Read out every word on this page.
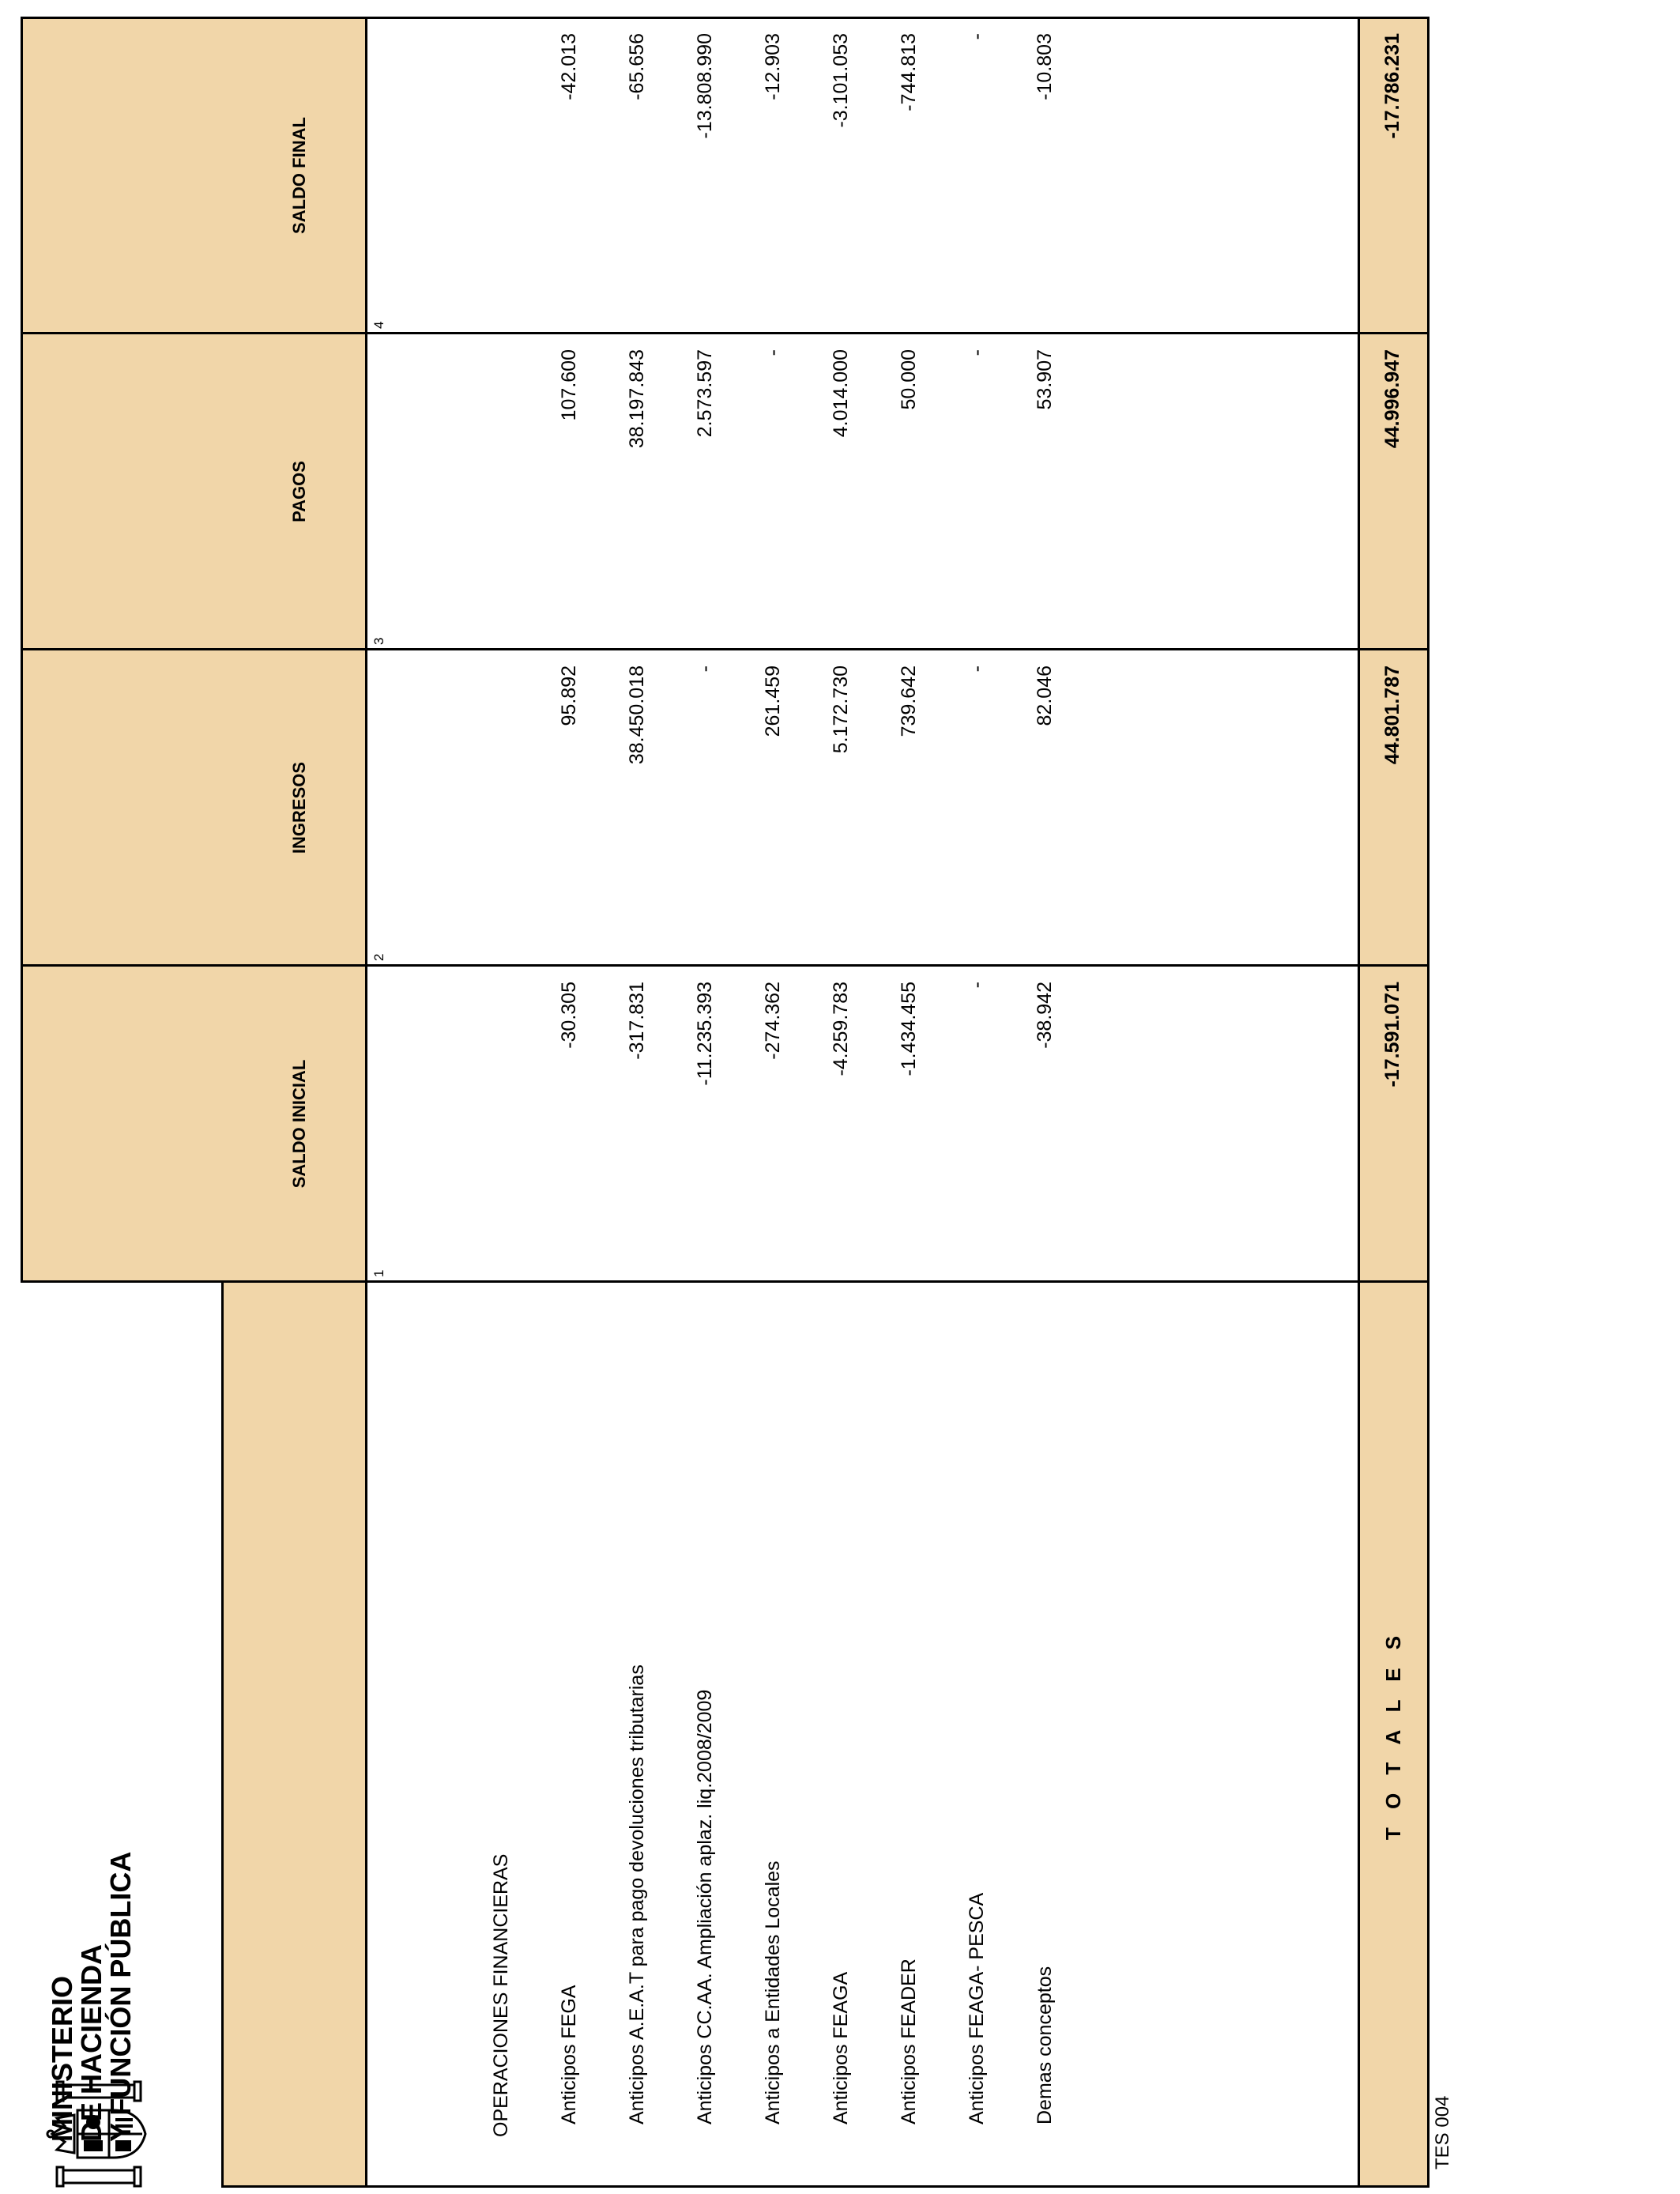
MINISTERIO
DE HACIENDA
Y FUNCIÓN PÚBLICA	TES 004
SALDO INICIAL
INGRESOS
PAGOS
SALDO FINAL
1
2
3
4
OPERACIONES FINANCIERAS Anticipos FEGA
-30.305
95.892
107.600
-42.013
Anticipos A.E.A.T para pago devoluciones tributarias
-317.831
38.450.018
38.197.843
-65.656
Anticipos CC.AA. Ampliación aplaz. liq.2008/2009
-11.235.393
-
2.573.597
-13.808.990
Anticipos a Entidades Locales
-274.362
261.459
-
-12.903
Anticipos FEAGA
-4.259.783
5.172.730
4.014.000
-3.101.053
Anticipos FEADER
-1.434.455
739.642
50.000
-744.813
Anticipos FEAGA- PESCA
-
-
-
-
Demas conceptos
-38.942
82.046
53.907
-10.803
T O T A L E S
-17.591.071
44.801.787
44.996.947
-17.786.231
